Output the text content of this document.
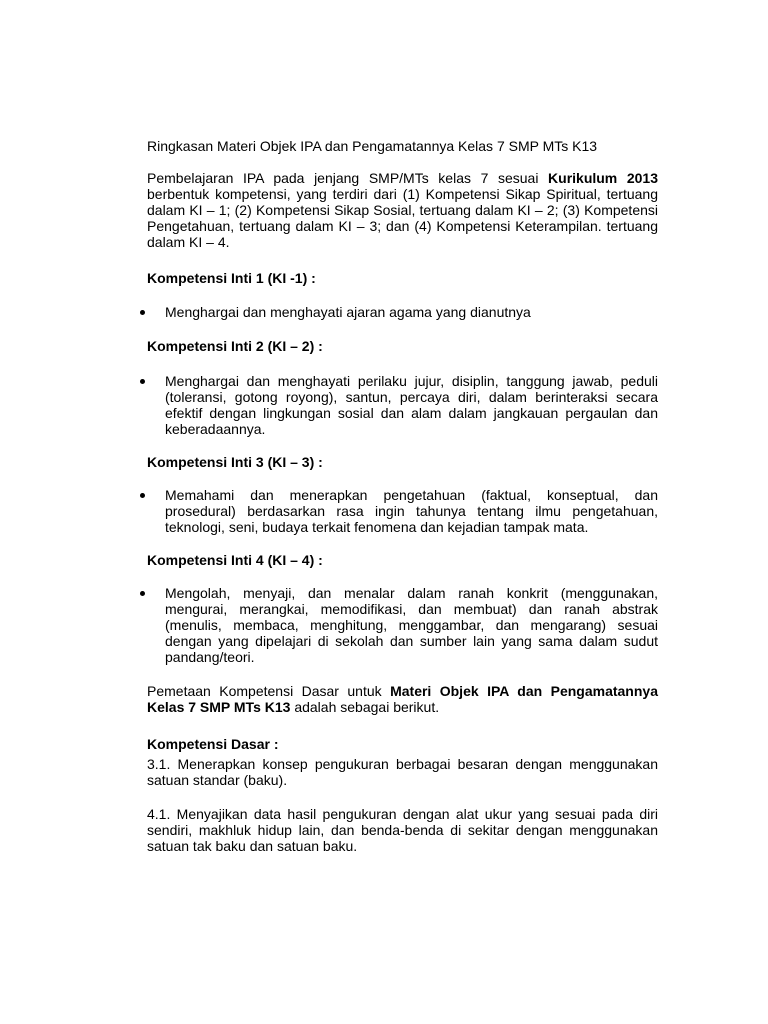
Ringkasan Materi Objek IPA dan Pengamatannya Kelas 7 SMP MTs K13

Pembelajaran IPA pada jenjang SMP/MTs kelas 7 sesuai Kurikulum 2013 berbentuk kompetensi, yang terdiri dari (1) Kompetensi Sikap Spiritual, tertuang dalam KI – 1; (2) Kompetensi Sikap Sosial, tertuang dalam KI – 2; (3) Kompetensi Pengetahuan, tertuang dalam KI – 3; dan (4) Kompetensi Keterampilan. tertuang dalam KI – 4.

Kompetensi Inti 1 (KI -1) :

Menghargai dan menghayati ajaran agama yang dianutnya

Kompetensi Inti 2 (KI – 2) :

Menghargai dan menghayati perilaku jujur, disiplin, tanggung jawab, peduli (toleransi, gotong royong), santun, percaya diri, dalam berinteraksi secara efektif dengan lingkungan sosial dan alam dalam jangkauan pergaulan dan keberadaannya.

Kompetensi Inti 3 (KI – 3) :

Memahami dan menerapkan pengetahuan (faktual, konseptual, dan prosedural) berdasarkan rasa ingin tahunya tentang ilmu pengetahuan, teknologi, seni, budaya terkait fenomena dan kejadian tampak mata.

Kompetensi Inti 4 (KI – 4) :

Mengolah, menyaji, dan menalar dalam ranah konkrit (menggunakan, mengurai, merangkai, memodifikasi, dan membuat) dan ranah abstrak (menulis, membaca, menghitung, menggambar, dan mengarang) sesuai dengan yang dipelajari di sekolah dan sumber lain yang sama dalam sudut pandang/teori.

Pemetaan Kompetensi Dasar untuk Materi Objek IPA dan Pengamatannya Kelas 7 SMP MTs K13 adalah sebagai berikut.

Kompetensi Dasar :

3.1. Menerapkan konsep pengukuran berbagai besaran dengan menggunakan satuan standar (baku).

4.1. Menyajikan data hasil pengukuran dengan alat ukur yang sesuai pada diri sendiri, makhluk hidup lain, dan benda-benda di sekitar dengan menggunakan satuan tak baku dan satuan baku.
